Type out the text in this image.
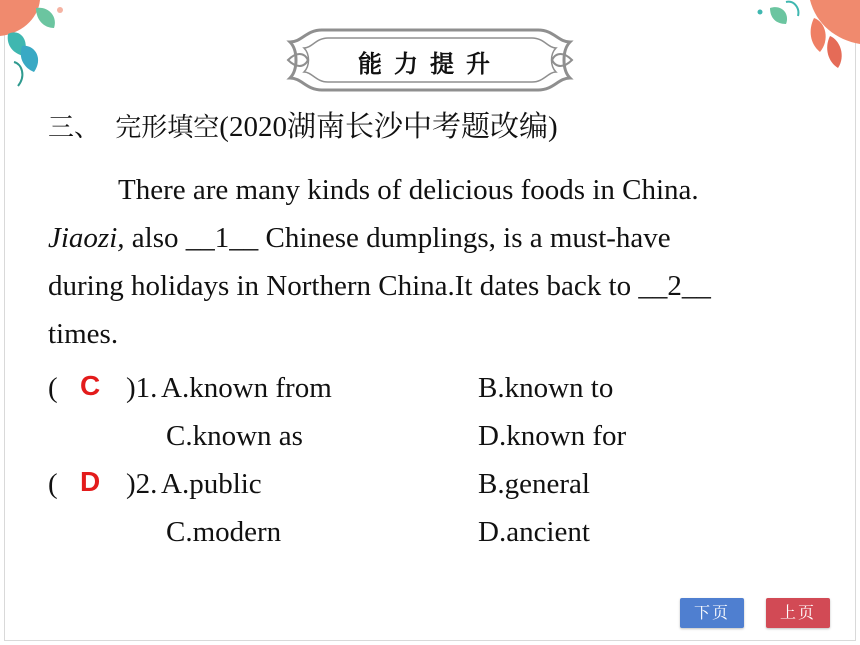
能力提升
三、 完形填空(2020湖南长沙中考题改编)
There are many kinds of delicious foods in China.
Jiaozi, also __1__ Chinese dumplings, is a must-have
during holidays in Northern China.It dates back to __2__
times.
( C )1. A.known from	B.known to
C.known as	D.known for
( D )2. A.public	B.general
C.modern	D.ancient
下页	上页
